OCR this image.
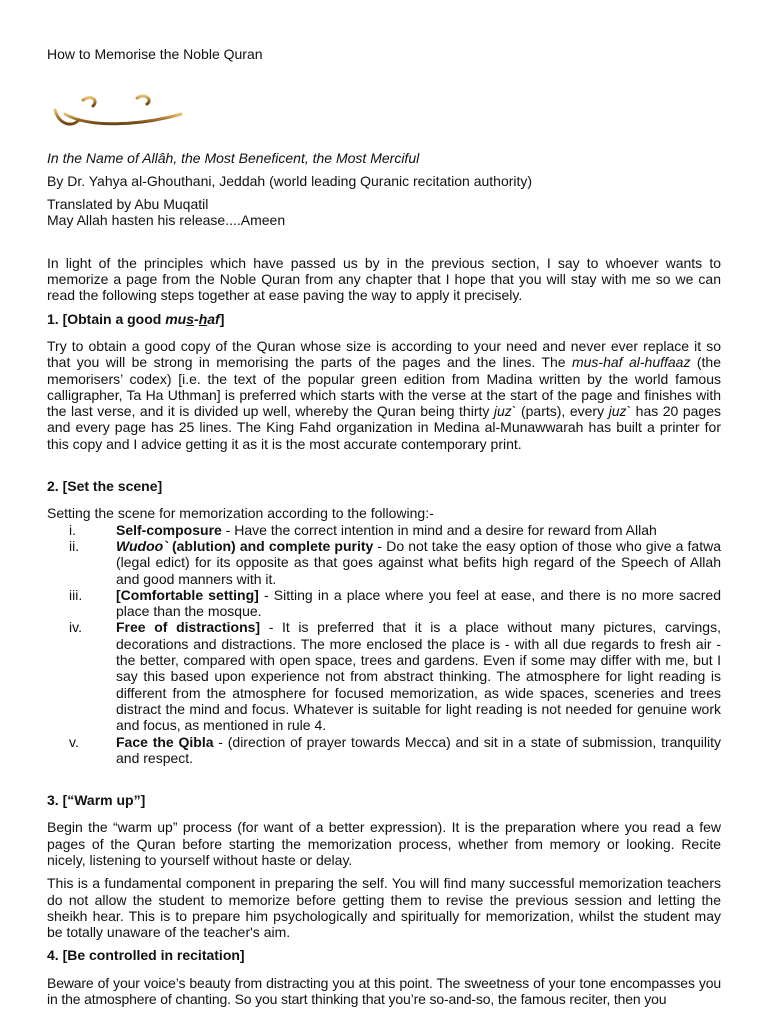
How to Memorise the Noble Quran

بسم الله الرحمن الرحيم

In the Name of Allâh, the Most Beneficent, the Most Merciful

By Dr. Yahya al-Ghouthani, Jeddah (world leading Quranic recitation authority)

Translated by Abu Muqatil

May Allah hasten his release....Ameen

In light of the principles which have passed us by in the previous section, I say to whoever wants to memorize a page from the Noble Quran from any chapter that I hope that you will stay with me so we can read the following steps together at ease paving the way to apply it precisely.

1. [Obtain a good mus-haf]

Try to obtain a good copy of the Quran whose size is according to your need and never ever replace it so that you will be strong in memorising the parts of the pages and the lines. The mus-haf al-huffaaz (the memorisers’ codex) [i.e. the text of the popular green edition from Madina written by the world famous calligrapher, Ta Ha Uthman] is preferred which starts with the verse at the start of the page and finishes with the last verse, and it is divided up well, whereby the Quran being thirty juz` (parts), every juz` has 20 pages and every page has 25 lines. The King Fahd organization in Medina al-Munawwarah has built a printer for this copy and I advice getting it as it is the most accurate contemporary print.

2. [Set the scene]

Setting the scene for memorization according to the following:-

i.	Self-composure - Have the correct intention in mind and a desire for reward from Allah
ii.	Wudoo` (ablution) and complete purity - Do not take the easy option of those who give a fatwa (legal edict) for its opposite as that goes against what befits high regard of the Speech of Allah and good manners with it.
iii.	[Comfortable setting] - Sitting in a place where you feel at ease, and there is no more sacred place than the mosque.
iv.	Free of distractions] - It is preferred that it is a place without many pictures, carvings, decorations and distractions. The more enclosed the place is - with all due regards to fresh air - the better, compared with open space, trees and gardens. Even if some may differ with me, but I say this based upon experience not from abstract thinking. The atmosphere for light reading is different from the atmosphere for focused memorization, as wide spaces, sceneries and trees distract the mind and focus. Whatever is suitable for light reading is not needed for genuine work and focus, as mentioned in rule 4.
v.	Face the Qibla - (direction of prayer towards Mecca) and sit in a state of submission, tranquility and respect.

3. [“Warm up”]

Begin the “warm up” process (for want of a better expression). It is the preparation where you read a few pages of the Quran before starting the memorization process, whether from memory or looking. Recite nicely, listening to yourself without haste or delay.

This is a fundamental component in preparing the self. You will find many successful memorization teachers do not allow the student to memorize before getting them to revise the previous session and letting the sheikh hear. This is to prepare him psychologically and spiritually for memorization, whilst the student may be totally unaware of the teacher's aim.

4. [Be controlled in recitation]

Beware of your voice’s beauty from distracting you at this point. The sweetness of your tone encompasses you in the atmosphere of chanting. So you start thinking that you’re so-and-so, the famous reciter, then you
